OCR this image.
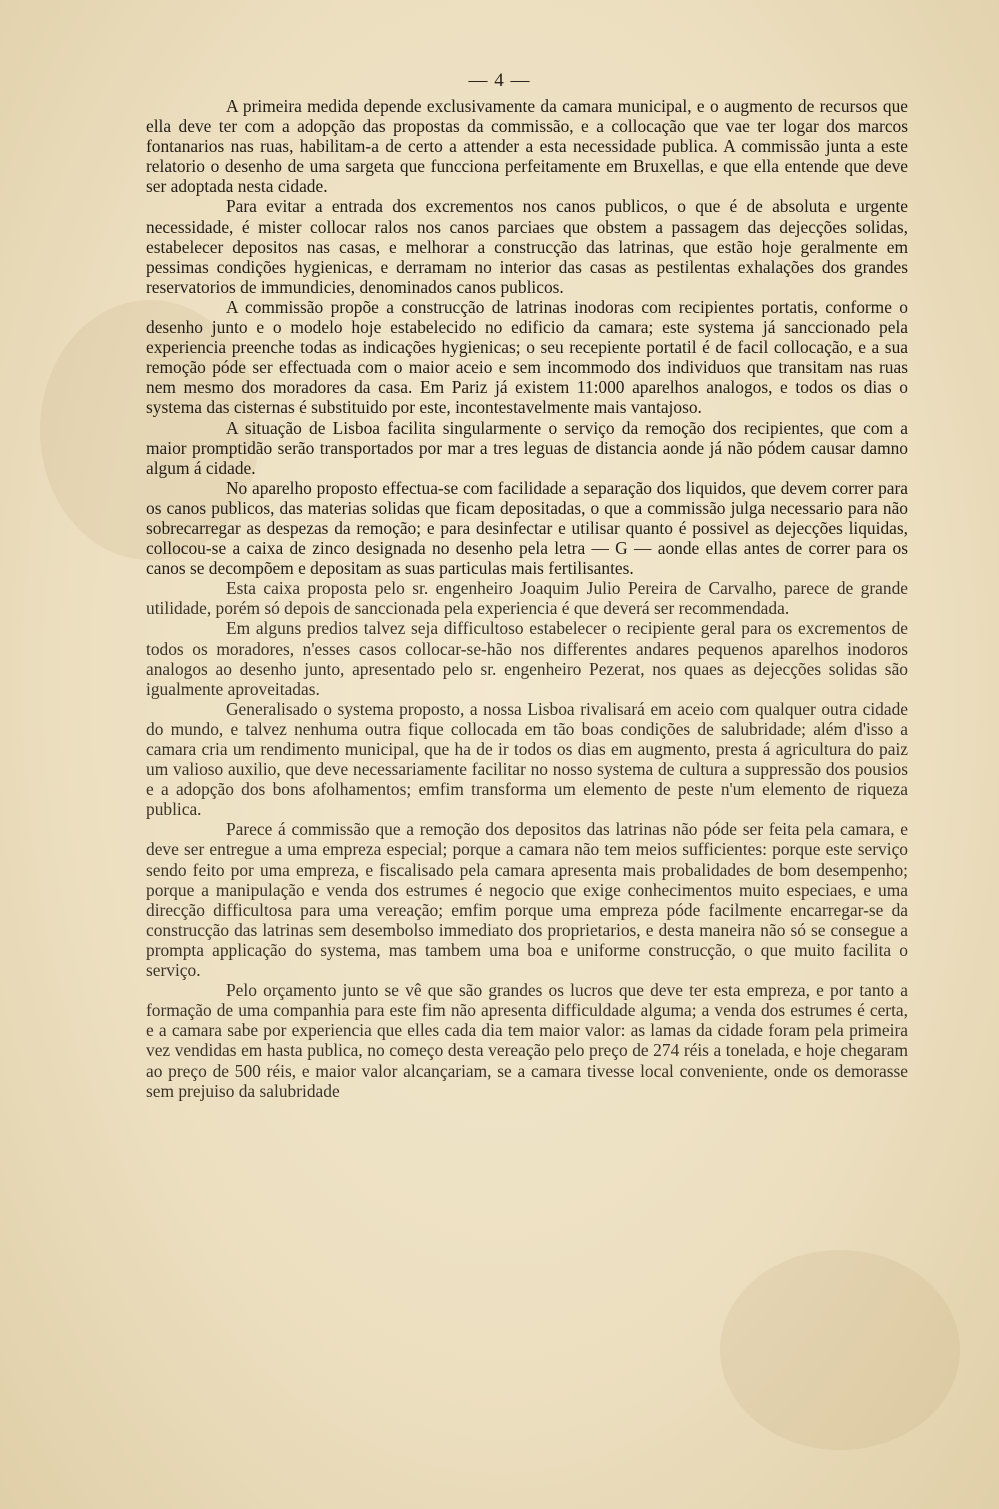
— 4 —

A primeira medida depende exclusivamente da camara municipal, e o augmento de recursos que ella deve ter com a adopção das propostas da commissão, e a collocação que vae ter logar dos marcos fontanarios nas ruas, habilitam-a de certo a attender a esta necessidade publica. A commissão junta a este relatorio o desenho de uma sargeta que funcciona perfeitamente em Bruxellas, e que ella entende que deve ser adoptada nesta cidade.

Para evitar a entrada dos excrementos nos canos publicos, o que é de absoluta e urgente necessidade, é mister collocar ralos nos canos parciaes que obstem a passagem das dejecções solidas, estabelecer depositos nas casas, e melhorar a construcção das latrinas, que estão hoje geralmente em pessimas condições hygienicas, e derramam no interior das casas as pestilentas exhalações dos grandes reservatorios de immundicies, denominados canos publicos.

A commissão propõe a construcção de latrinas inodoras com recipientes portatis, conforme o desenho junto e o modelo hoje estabelecido no edificio da camara; este systema já sanccionado pela experiencia preenche todas as indicações hygienicas; o seu recepiente portatil é de facil collocação, e a sua remoção póde ser effectuada com o maior aceio e sem incommodo dos individuos que transitam nas ruas nem mesmo dos moradores da casa. Em Pariz já existem 11:000 aparelhos analogos, e todos os dias o systema das cisternas é substituido por este, incontestavelmente mais vantajoso.

A situação de Lisboa facilita singularmente o serviço da remoção dos recipientes, que com a maior promptidão serão transportados por mar a tres leguas de distancia aonde já não pódem causar damno algum á cidade.

No aparelho proposto effectua-se com facilidade a separação dos liquidos, que devem correr para os canos publicos, das materias solidas que ficam depositadas, o que a commissão julga necessario para não sobrecarregar as despezas da remoção; e para desinfectar e utilisar quanto é possivel as dejecções liquidas, collocou-se a caixa de zinco designada no desenho pela letra — G — aonde ellas antes de correr para os canos se decompõem e depositam as suas particulas mais fertilisantes.

Esta caixa proposta pelo sr. engenheiro Joaquim Julio Pereira de Carvalho, parece de grande utilidade, porém só depois de sanccionada pela experiencia é que deverá ser recommendada.

Em alguns predios talvez seja difficultoso estabelecer o recipiente geral para os excrementos de todos os moradores, n'esses casos collocar-se-hão nos differentes andares pequenos aparelhos inodoros analogos ao desenho junto, apresentado pelo sr. engenheiro Pezerat, nos quaes as dejecções solidas são igualmente aproveitadas.

Generalisado o systema proposto, a nossa Lisboa rivalisará em aceio com qualquer outra cidade do mundo, e talvez nenhuma outra fique collocada em tão boas condições de salubridade; além d'isso a camara cria um rendimento municipal, que ha de ir todos os dias em augmento, presta á agricultura do paiz um valioso auxilio, que deve necessariamente facilitar no nosso systema de cultura a suppressão dos pousios e a adopção dos bons afolhamentos; emfim transforma um elemento de peste n'um elemento de riqueza publica.

Parece á commissão que a remoção dos depositos das latrinas não póde ser feita pela camara, e deve ser entregue a uma empreza especial; porque a camara não tem meios sufficientes: porque este serviço sendo feito por uma empreza, e fiscalisado pela camara apresenta mais probalidades de bom desempenho; porque a manipulação e venda dos estrumes é negocio que exige conhecimentos muito especiaes, e uma direcção difficultosa para uma vereação; emfim porque uma empreza póde facilmente encarregar-se da construcção das latrinas sem desembolso immediato dos proprietarios, e desta maneira não só se consegue a promptа applicação do systema, mas tambem uma boa e uniforme construcção, o que muito facilita o serviço.

Pelo orçamento junto se vê que são grandes os lucros que deve ter esta empreza, e por tanto a formação de uma companhia para este fim não apresenta difficuldade alguma; a venda dos estrumes é certa, e a camara sabe por experiencia que elles cada dia tem maior valor: as lamas da cidade foram pela primeira vez vendidas em hasta publica, no começo desta vereação pelo preço de 274 réis a tonelada, e hoje chegaram ao preço de 500 réis, e maior valor alcançariam, se a camara tivesse local conveniente, onde os demorasse sem prejuiso da salubridade
